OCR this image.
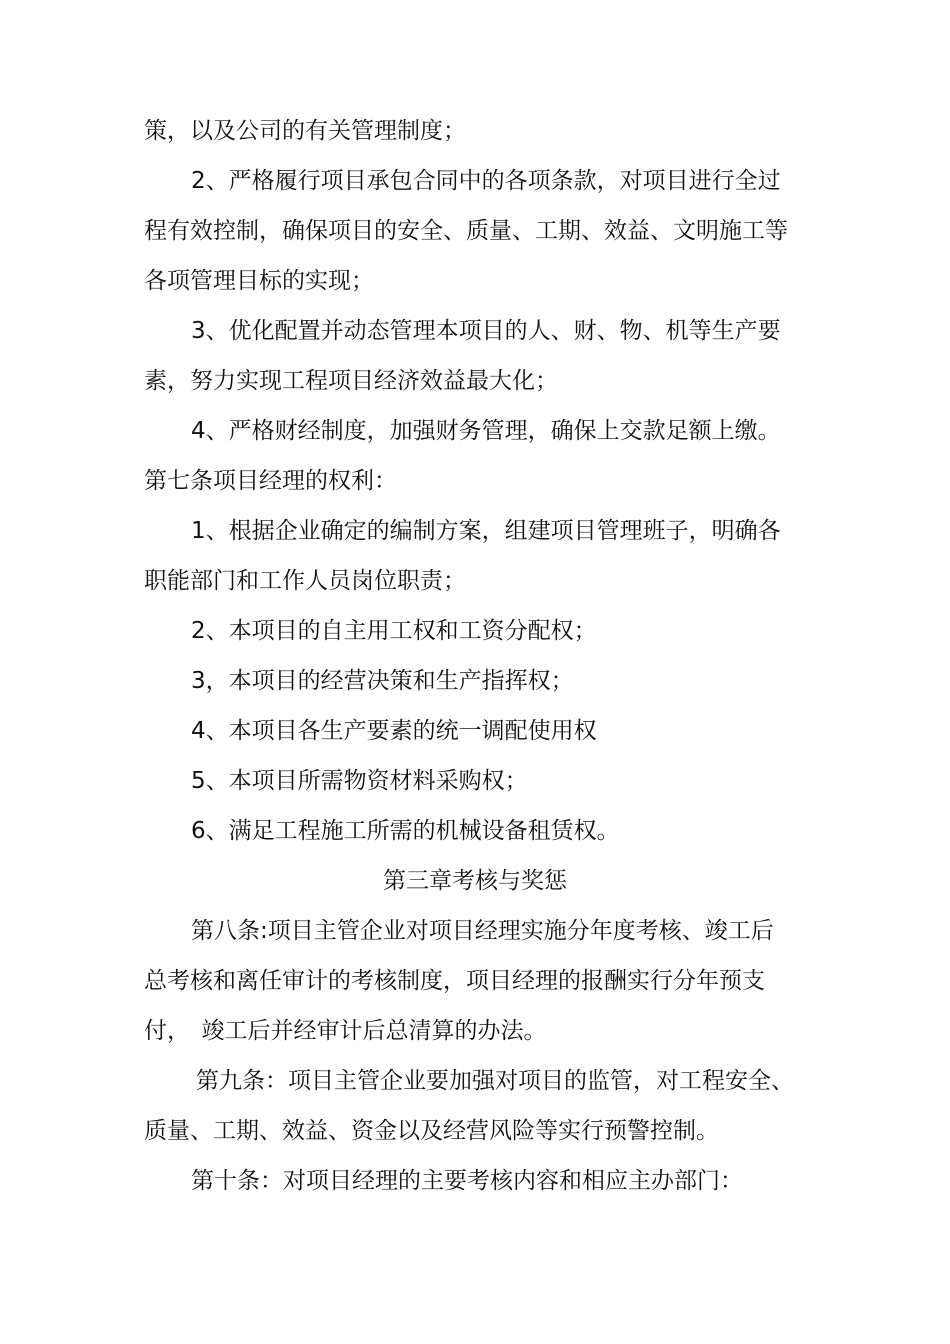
策，以及公司的有关管理制度；
2、严格履行项目承包合同中的各项条款，对项目进行全过
程有效控制，确保项目的安全、质量、工期、效益、文明施工等
各项管理目标的实现；
3、优化配置并动态管理本项目的人、财、物、机等生产要
素，努力实现工程项目经济效益最大化；
4、严格财经制度，加强财务管理，确保上交款足额上缴。
第七条项目经理的权利：
1、根据企业确定的编制方案，组建项目管理班子，明确各
职能部门和工作人员岗位职责；
2、本项目的自主用工权和工资分配权；
3，本项目的经营决策和生产指挥权；
4、本项目各生产要素的统一调配使用权
5、本项目所需物资材料采购权；
6、满足工程施工所需的机械设备租赁权。
第三章考核与奖惩
第八条:项目主管企业对项目经理实施分年度考核、竣工后
总考核和离任审计的考核制度，项目经理的报酬实行分年预支
付，　竣工后并经审计后总清算的办法。
第九条：项目主管企业要加强对项目的监管，对工程安全、
质量、工期、效益、资金以及经营风险等实行预警控制。
第十条：对项目经理的主要考核内容和相应主办部门：
